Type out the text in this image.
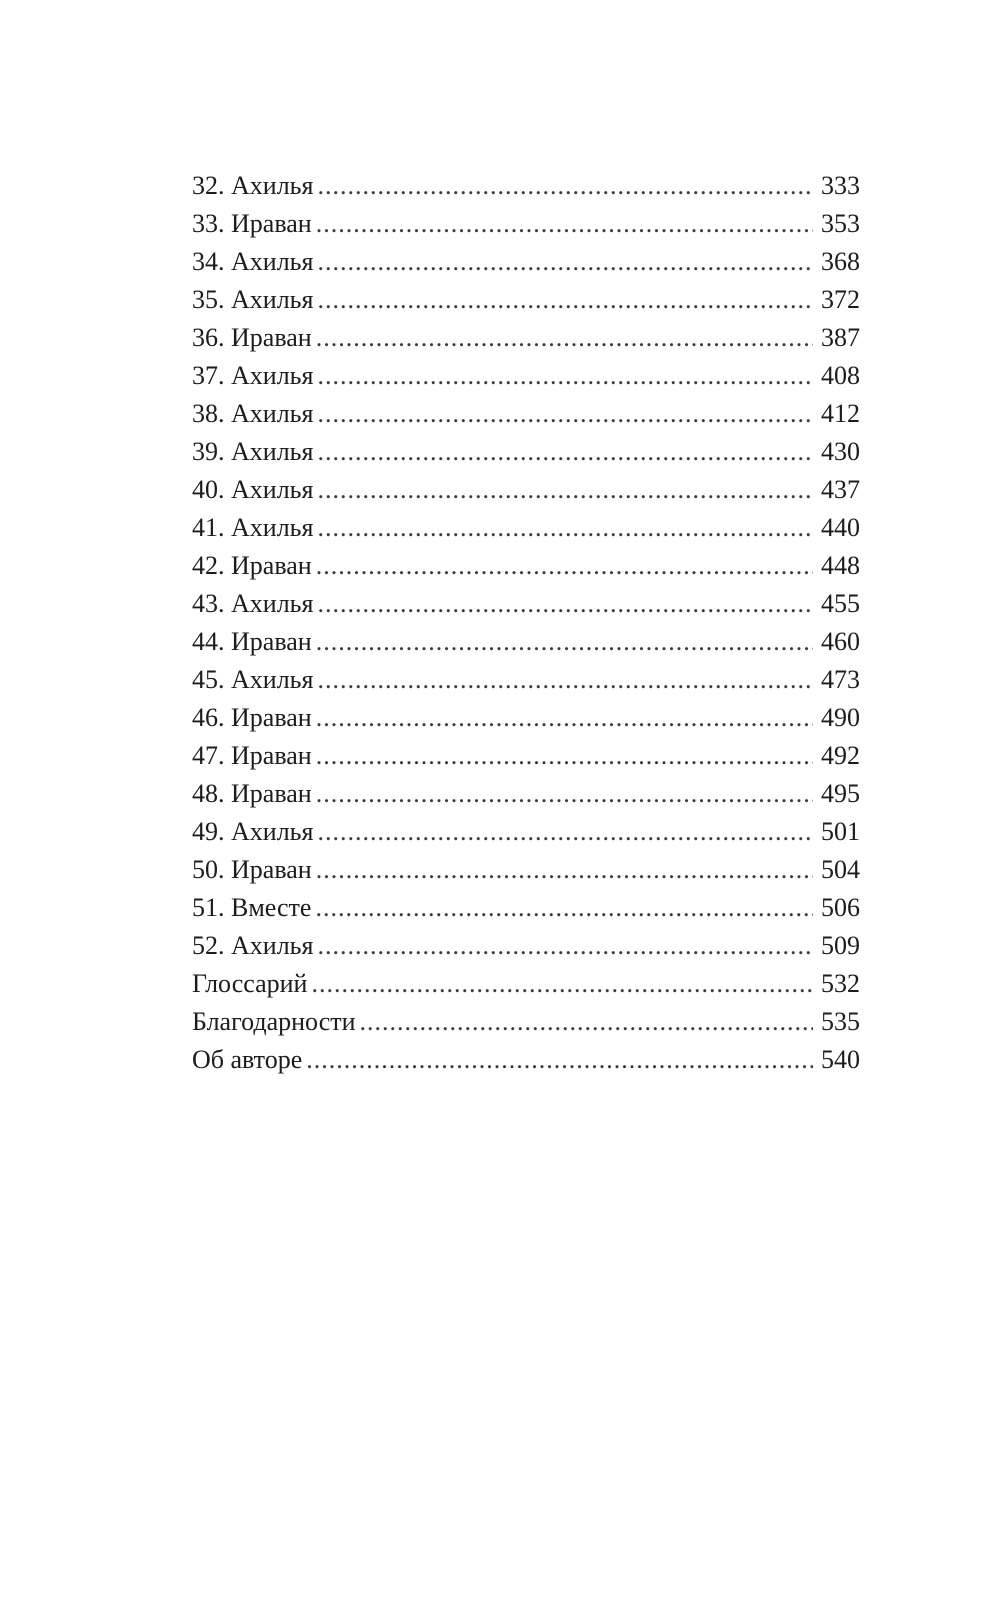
32. Ахилья .....	333
33. Ираван .....	353
34. Ахилья .....	368
35. Ахилья .....	372
36. Ираван .....	387
37. Ахилья .....	408
38. Ахилья .....	412
39. Ахилья .....	430
40. Ахилья .....	437
41. Ахилья .....	440
42. Ираван .....	448
43. Ахилья .....	455
44. Ираван .....	460
45. Ахилья .....	473
46. Ираван .....	490
47. Ираван .....	492
48. Ираван .....	495
49. Ахилья .....	501
50. Ираван .....	504
51. Вместе .....	506
52. Ахилья .....	509
Глоссарий .....	532
Благодарности .....	535
Об авторе .....	540
